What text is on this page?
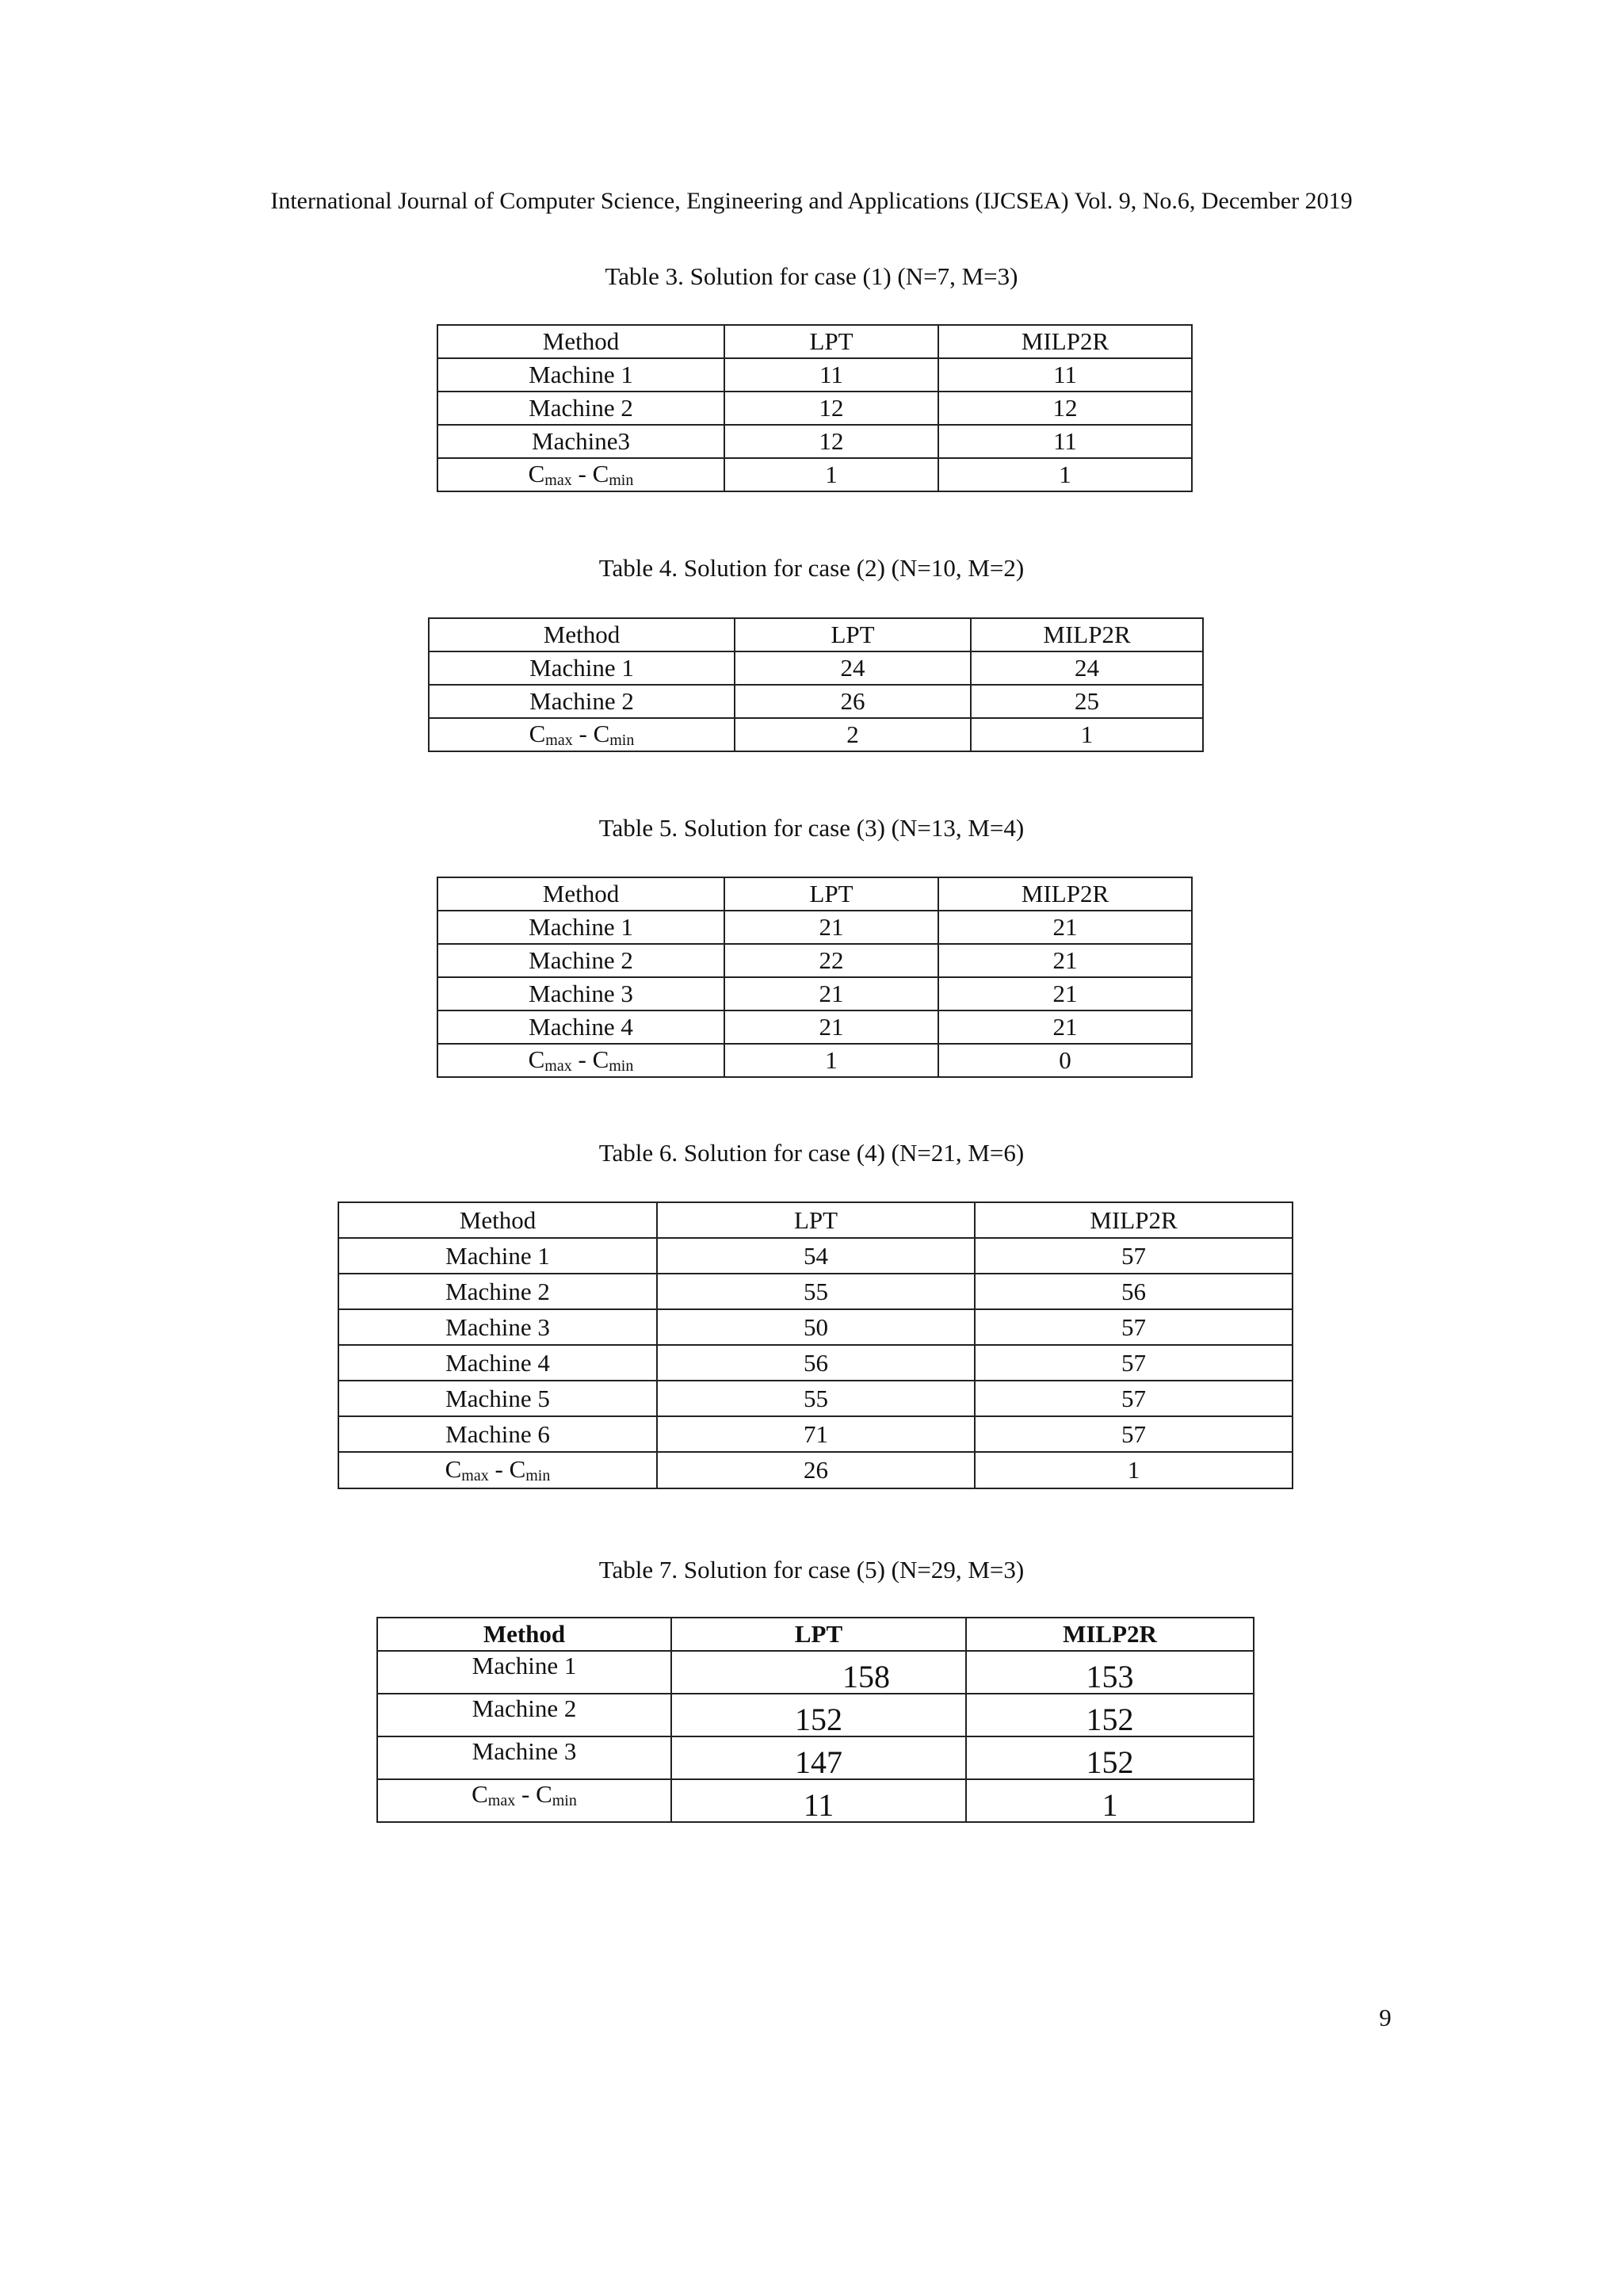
International Journal of Computer Science, Engineering and Applications (IJCSEA) Vol. 9, No.6, December 2019
Table 3. Solution for case (1) (N=7, M=3)
Method	LPT	MILP2R
Machine 1	11	11
Machine 2	12	12
Machine3	12	11
$C_{max} - C_{min}$	1	1
Table 4. Solution for case (2) (N=10, M=2)
Method	LPT	MILP2R
Machine 1	24	24
Machine 2	26	25
$C_{max} - C_{min}$	2	1
Table 5. Solution for case (3) (N=13, M=4)
Method	LPT	MILP2R
Machine 1	21	21
Machine 2	22	21
Machine 3	21	21
Machine 4	21	21
$C_{max} - C_{min}$	1	0
Table 6. Solution for case (4) (N=21, M=6)
Method	LPT	MILP2R
Machine 1	54	57
Machine 2	55	56
Machine 3	50	57
Machine 4	56	57
Machine 5	55	57
Machine 6	71	57
$C_{max} - C_{min}$	26	1
Table 7. Solution for case (5) (N=29, M=3)
Method	LPT	MILP2R
Machine 1	158	153
Machine 2	152	152
Machine 3	147	152
$C_{max} - C_{min}$	11	1
9
